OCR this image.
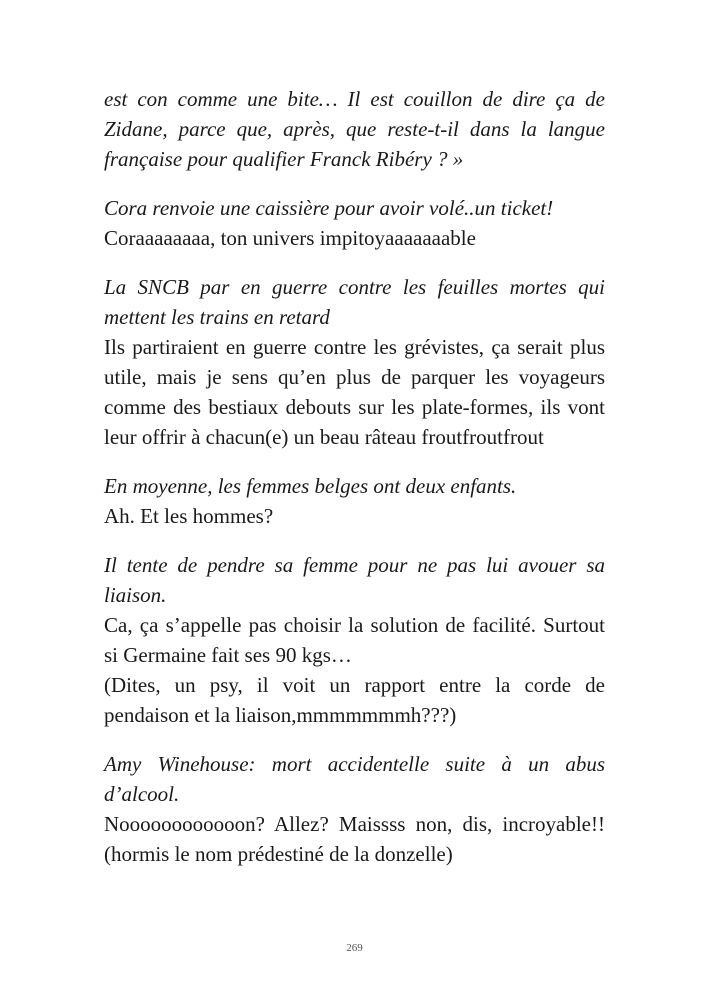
est con comme une bite… Il est couillon de dire ça de Zidane, parce que, après, que reste-t-il dans la langue française pour qualifier Franck Ribéry ? »
Cora renvoie une caissière pour avoir volé..un ticket!
Coraaaaaaaa, ton univers impitoyaaaaaaable
La SNCB par en guerre contre les feuilles mortes qui mettent les trains en retard
Ils partiraient en guerre contre les grévistes, ça serait plus utile, mais je sens qu’en plus de parquer les voyageurs comme des bestiaux debouts sur les plate-formes, ils vont leur offrir à chacun(e) un beau râteau froutfroutfrout
En moyenne, les femmes belges ont deux enfants.
Ah. Et les hommes?
Il tente de pendre sa femme pour ne pas lui avouer sa liaison.
Ca, ça s’appelle pas choisir la solution de facilité. Surtout si Germaine fait ses 90 kgs…
(Dites, un psy, il voit un rapport entre la corde de pendaison et la liaison,mmmmmmmh???)
Amy Winehouse: mort accidentelle suite à un abus d’alcool.
Noooooooooooon? Allez? Maissss non, dis, incroyable!! (hormis le nom prédestiné de la donzelle)
269
